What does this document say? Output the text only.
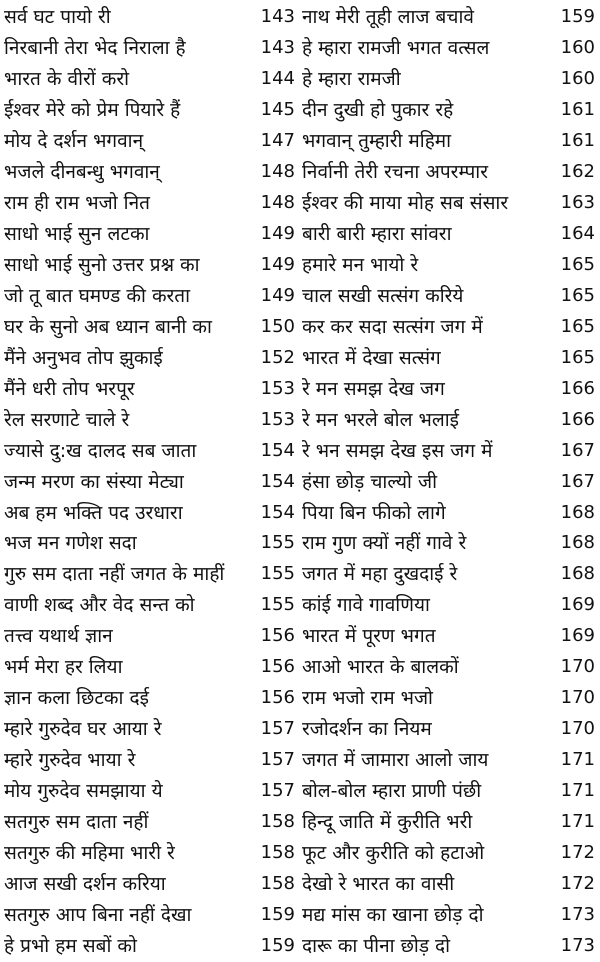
सर्व घट पायो री	143 नाथ मेरी तूही लाज बचावे	159
निरबानी तेरा भेद निराला है	143 हे म्हारा रामजी भगत वत्सल	160
भारत के वीरों करो	144 हे म्हारा रामजी	160
ईश्वर मेरे को प्रेम पियारे हैं	145 दीन दुखी हो पुकार रहे	161
मोय दे दर्शन भगवान्	147 भगवान् तुम्हारी महिमा	161
भजले दीनबन्धु भगवान्	148 निर्वानी तेरी रचना अपरम्पार	162
राम ही राम भजो नित	148 ईश्वर की माया मोह सब संसार	163
साधो भाई सुन लटका	149 बारी बारी म्हारा सांवरा	164
साधो भाई सुनो उत्तर प्रश्न का	149 हमारे मन भायो रे	165
जो तू बात घमण्ड की करता	149 चाल सखी सत्संग करिये	165
घर के सुनो अब ध्यान बानी का	150 कर कर सदा सत्संग जग में	165
मैंने अनुभव तोप झुकाई	152 भारत में देखा सत्संग	165
मैंने धरी तोप भरपूर	153 रे मन समझ देख जग	166
रेल सरणाटे चाले रे	153 रे मन भरले बोल भलाई	166
ज्यासे दु:ख दालद सब जाता	154 रे भन समझ देख इस जग में	167
जन्म मरण का संस्या मेट्या	154 हंसा छोड़ चाल्यो जी	167
अब हम भक्ति पद उरधारा	154 पिया बिन फीको लागे	168
भज मन गणेश सदा	155 राम गुण क्यों नहीं गावे रे	168
गुरु सम दाता नहीं जगत के माहीं	155 जगत में महा दुखदाई रे	168
वाणी शब्द और वेद सन्त को	155 कांई गावे गावणिया	169
तत्त्व यथार्थ ज्ञान	156 भारत में पूरण भगत	169
भर्म मेरा हर लिया	156 आओ भारत के बालकों	170
ज्ञान कला छिटका दई	156 राम भजो राम भजो	170
म्हारे गुरुदेव घर आया रे	157 रजोदर्शन का नियम	170
म्हारे गुरुदेव भाया रे	157 जगत में जामारा आलो जाय	171
मोय गुरुदेव समझाया ये	157 बोल-बोल म्हारा प्राणी पंछी	171
सतगुरु सम दाता नहीं	158 हिन्दू जाति में कुरीति भरी	171
सतगुरु की महिमा भारी रे	158 फूट और कुरीति को हटाओ	172
आज सखी दर्शन करिया	158 देखो रे भारत का वासी	172
सतगुरु आप बिना नहीं देखा	159 मद्य मांस का खाना छोड़ दो	173
हे प्रभो हम सबों को	159 दारू का पीना छोड़ दो	173
